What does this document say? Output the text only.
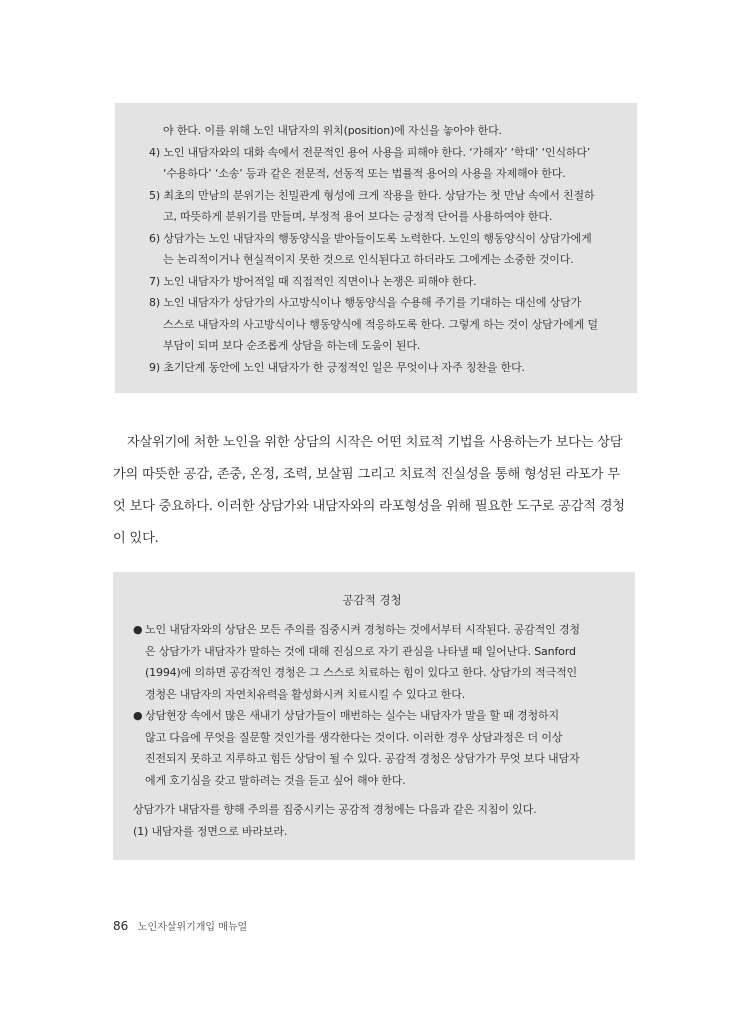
야 한다. 이를 위해 노인 내담자의 위치(position)에 자신을 놓아야 한다.
4) 노인 내담자와의 대화 속에서 전문적인 용어 사용을 피해야 한다. ‘가해자’ ‘학대’ ‘인식하다’
‘수용하다’ ‘소송’ 등과 같은 전문적, 선동적 또는 법률적 용어의 사용을 자제해야 한다.
5) 최초의 만남의 분위기는 친밀관계 형성에 크게 작용을 한다. 상담가는 첫 만남 속에서 친절하
고, 따뜻하게 분위기를 만들며, 부정적 용어 보다는 긍정적 단어를 사용하여야 한다.
6) 상담가는 노인 내담자의 행동양식을 받아들이도록 노력한다. 노인의 행동양식이 상담가에게
는 논리적이거나 현실적이지 못한 것으로 인식된다고 하더라도 그에게는 소중한 것이다.
7) 노인 내담자가 방어적일 때 직접적인 직면이나 논쟁은 피해야 한다.
8) 노인 내담자가 상담가의 사고방식이나 행동양식을 수용해 주기를 기대하는 대신에 상담가
스스로 내담자의 사고방식이나 행동양식에 적응하도록 한다. 그렇게 하는 것이 상담가에게 덜
부담이 되며 보다 순조롭게 상담을 하는데 도움이 된다.
9) 초기단계 동안에 노인 내담자가 한 긍정적인 일은 무엇이나 자주 칭찬을 한다.
자살위기에 처한 노인을 위한 상담의 시작은 어떤 치료적 기법을 사용하는가 보다는 상담
가의 따뜻한 공감, 존중, 온정, 조력, 보살핌 그리고 치료적 진실성을 통해 형성된 라포가 무
엇 보다 중요하다. 이러한 상담가와 내담자와의 라포형성을 위해 필요한 도구로 공감적 경청
이 있다.
공감적 경청
● 노인 내담자와의 상담은 모든 주의를 집중시켜 경청하는 것에서부터 시작된다. 공감적인 경청
은 상담가가 내담자가 말하는 것에 대해 진심으로 자기 관심을 나타낼 때 일어난다. Sanford
(1994)에 의하면 공감적인 경청은 그 스스로 치료하는 힘이 있다고 한다. 상담가의 적극적인
경청은 내담자의 자연치유력을 활성화시켜 치료시킬 수 있다고 한다.
● 상담현장 속에서 많은 새내기 상담가들이 매번하는 실수는 내담자가 말을 할 때 경청하지
않고 다음에 무엇을 질문할 것인가를 생각한다는 것이다. 이러한 경우 상담과정은 더 이상
진전되지 못하고 지루하고 힘든 상담이 될 수 있다. 공감적 경청은 상담가가 무엇 보다 내담자
에게 호기심을 갖고 말하려는 것을 듣고 싶어 해야 한다.
상담가가 내담자를 향해 주의를 집중시키는 공감적 경청에는 다음과 같은 지침이 있다.
(1) 내담자를 정면으로 바라보라.
86 노인자살위기개입 매뉴얼
